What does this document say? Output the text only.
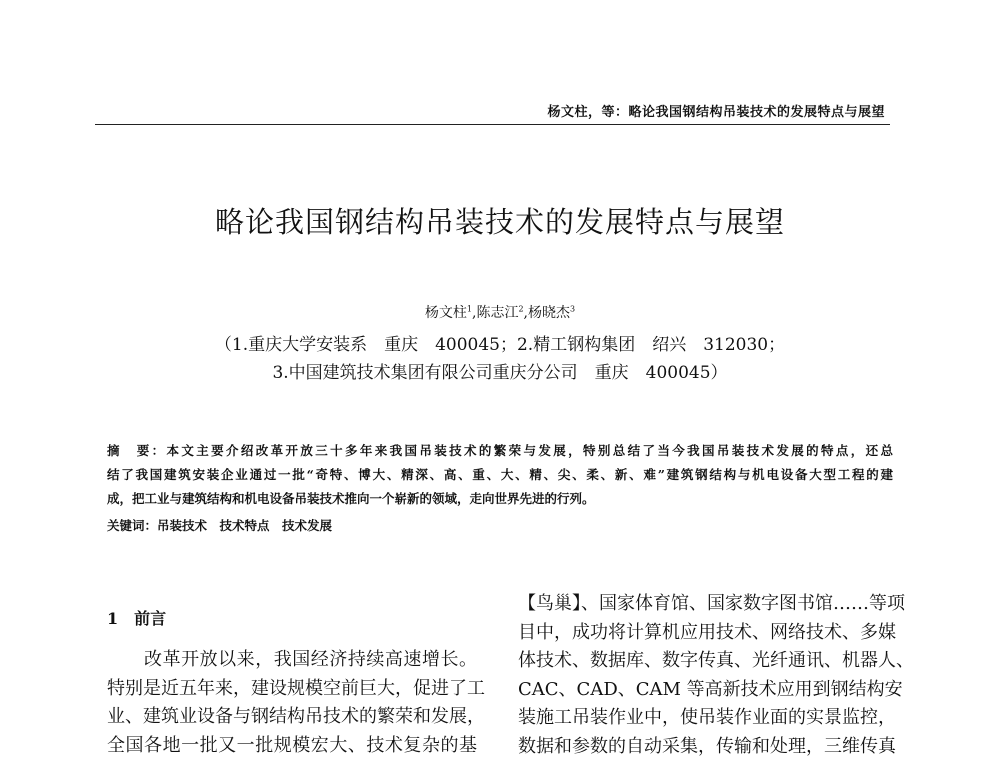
杨文柱，等：略论我国钢结构吊装技术的发展特点与展望
略论我国钢结构吊装技术的发展特点与展望
杨文柱$^1$,陈志江$^2$,杨晓杰$^3$
（1.重庆大学安装系　重庆　400045；2.精工钢构集团　绍兴　312030；
3.中国建筑技术集团有限公司重庆分公司　重庆　400045）
摘　要：本文主要介绍改革开放三十多年来我国吊装技术的繁荣与发展，特别总结了当今我国吊装技术发展的特点，还总
结了我国建筑安装企业通过一批“奇特、博大、精深、高、重、大、精、尖、柔、新、难”建筑钢结构与机电设备大型工程的建
成，把工业与建筑结构和机电设备吊装技术推向一个崭新的领域，走向世界先进的行列。
关键词：吊装技术　技术特点　技术发展
1　前言
　　改革开放以来，我国经济持续高速增长。
特别是近五年来，建设规模空前巨大，促进了工
业、建筑业设备与钢结构吊技术的繁荣和发展，
全国各地一批又一批规模宏大、技术复杂的基
【鸟巢】、国家体育馆、国家数字图书馆……等项
目中，成功将计算机应用技术、网络技术、多媒
体技术、数据库、数字传真、光纤通讯、机器人、
CAC、CAD、CAM 等高新技术应用到钢结构安
装施工吊装作业中，使吊装作业面的实景监控，
数据和参数的自动采集，传输和处理，三维传真
